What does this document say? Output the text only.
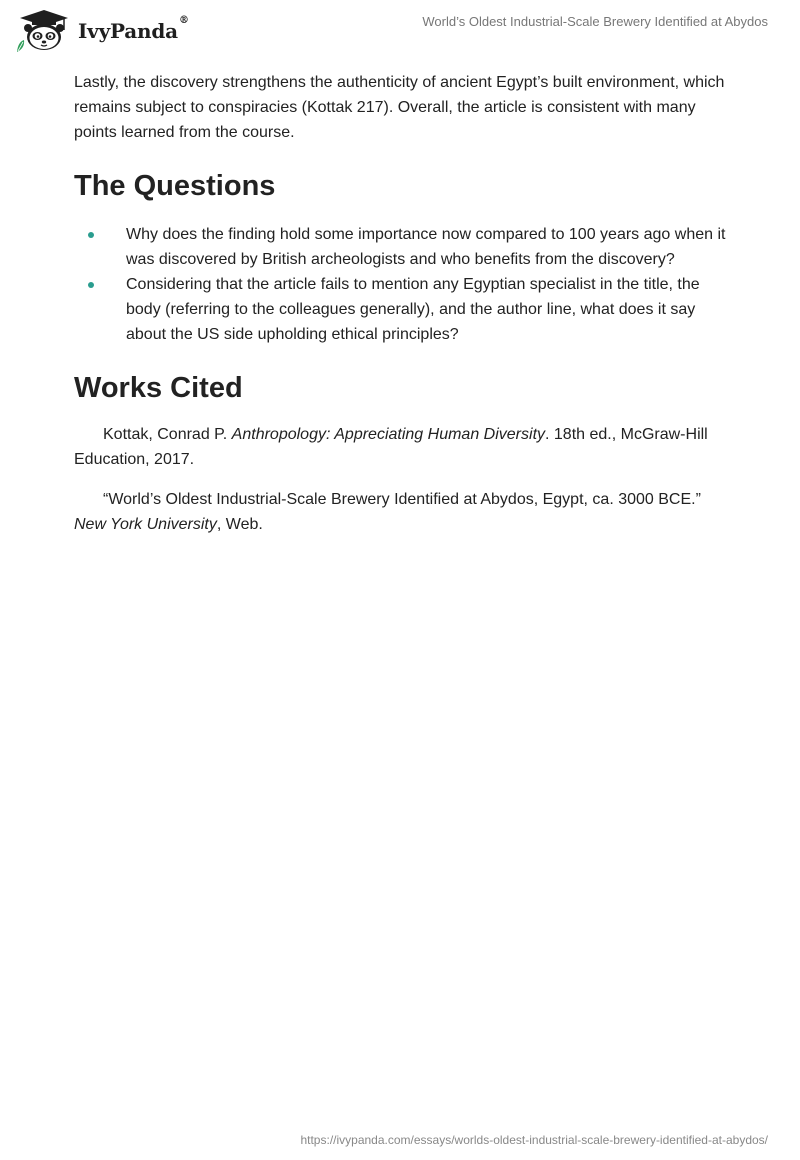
IvyPanda®	World’s Oldest Industrial-Scale Brewery Identified at Abydos

Lastly, the discovery strengthens the authenticity of ancient Egypt’s built environment, which remains subject to conspiracies (Kottak 217). Overall, the article is consistent with many points learned from the course.

The Questions
Why does the finding hold some importance now compared to 100 years ago when it was discovered by British archeologists and who benefits from the discovery?
Considering that the article fails to mention any Egyptian specialist in the title, the body (referring to the colleagues generally), and the author line, what does it say about the US side upholding ethical principles?
Works Cited

Kottak, Conrad P. Anthropology: Appreciating Human Diversity. 18th ed., McGraw-Hill Education, 2017.

“World’s Oldest Industrial-Scale Brewery Identified at Abydos, Egypt, ca. 3000 BCE.” New York University, Web.

https://ivypanda.com/essays/worlds-oldest-industrial-scale-brewery-identified-at-abydos/
